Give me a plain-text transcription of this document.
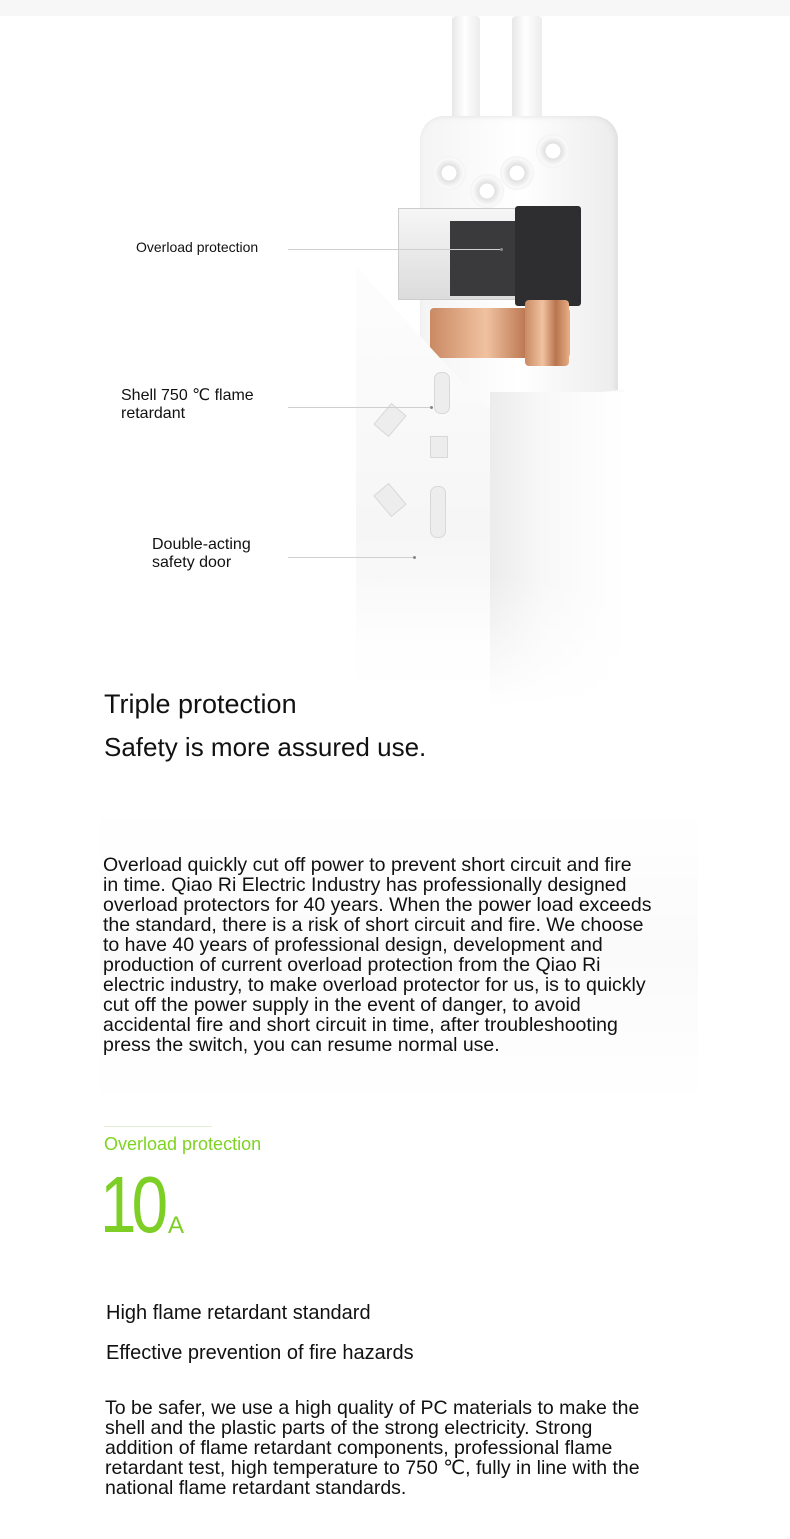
Overload protection
Shell 750 ℃ flame
retardant
Double-acting
safety door
Triple protection
Safety is more assured use.
Overload quickly cut off power to prevent short circuit and fire
in time. Qiao Ri Electric Industry has professionally designed
overload protectors for 40 years. When the power load exceeds
the standard, there is a risk of short circuit and fire. We choose
to have 40 years of professional design, development and
production of current overload protection from the Qiao Ri
electric industry, to make overload protector for us, is to quickly
cut off the power supply in the event of danger, to avoid
accidental fire and short circuit in time, after troubleshooting
press the switch, you can resume normal use.
Overload protection
10 A
High flame retardant standard
Effective prevention of fire hazards
To be safer, we use a high quality of PC materials to make the
shell and the plastic parts of the strong electricity. Strong
addition of flame retardant components, professional flame
retardant test, high temperature to 750 ℃, fully in line with the
national flame retardant standards.
